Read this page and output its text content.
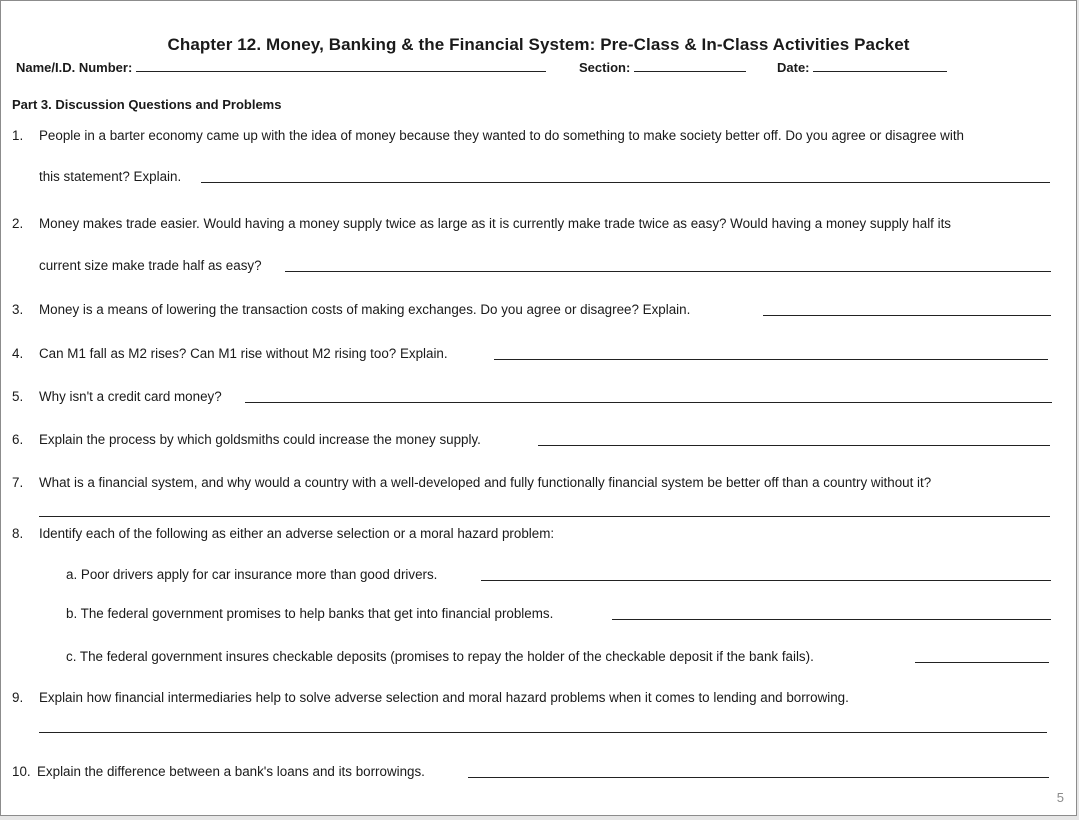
Chapter 12. Money, Banking & the Financial System: Pre-Class & In-Class Activities Packet
Name/I.D. Number:	Section:	Date:
Part 3. Discussion Questions and Problems
1. People in a barter economy came up with the idea of money because they wanted to do something to make society better off. Do you agree or disagree with
this statement? Explain.
2. Money makes trade easier. Would having a money supply twice as large as it is currently make trade twice as easy? Would having a money supply half its
current size make trade half as easy?
3. Money is a means of lowering the transaction costs of making exchanges. Do you agree or disagree? Explain.
4. Can M1 fall as M2 rises? Can M1 rise without M2 rising too? Explain.
5. Why isn't a credit card money?
6. Explain the process by which goldsmiths could increase the money supply.
7. What is a financial system, and why would a country with a well-developed and fully functionally financial system be better off than a country without it?
8. Identify each of the following as either an adverse selection or a moral hazard problem:
a. Poor drivers apply for car insurance more than good drivers.
b. The federal government promises to help banks that get into financial problems.
c. The federal government insures checkable deposits (promises to repay the holder of the checkable deposit if the bank fails).
9. Explain how financial intermediaries help to solve adverse selection and moral hazard problems when it comes to lending and borrowing.
10. Explain the difference between a bank's loans and its borrowings.
5
